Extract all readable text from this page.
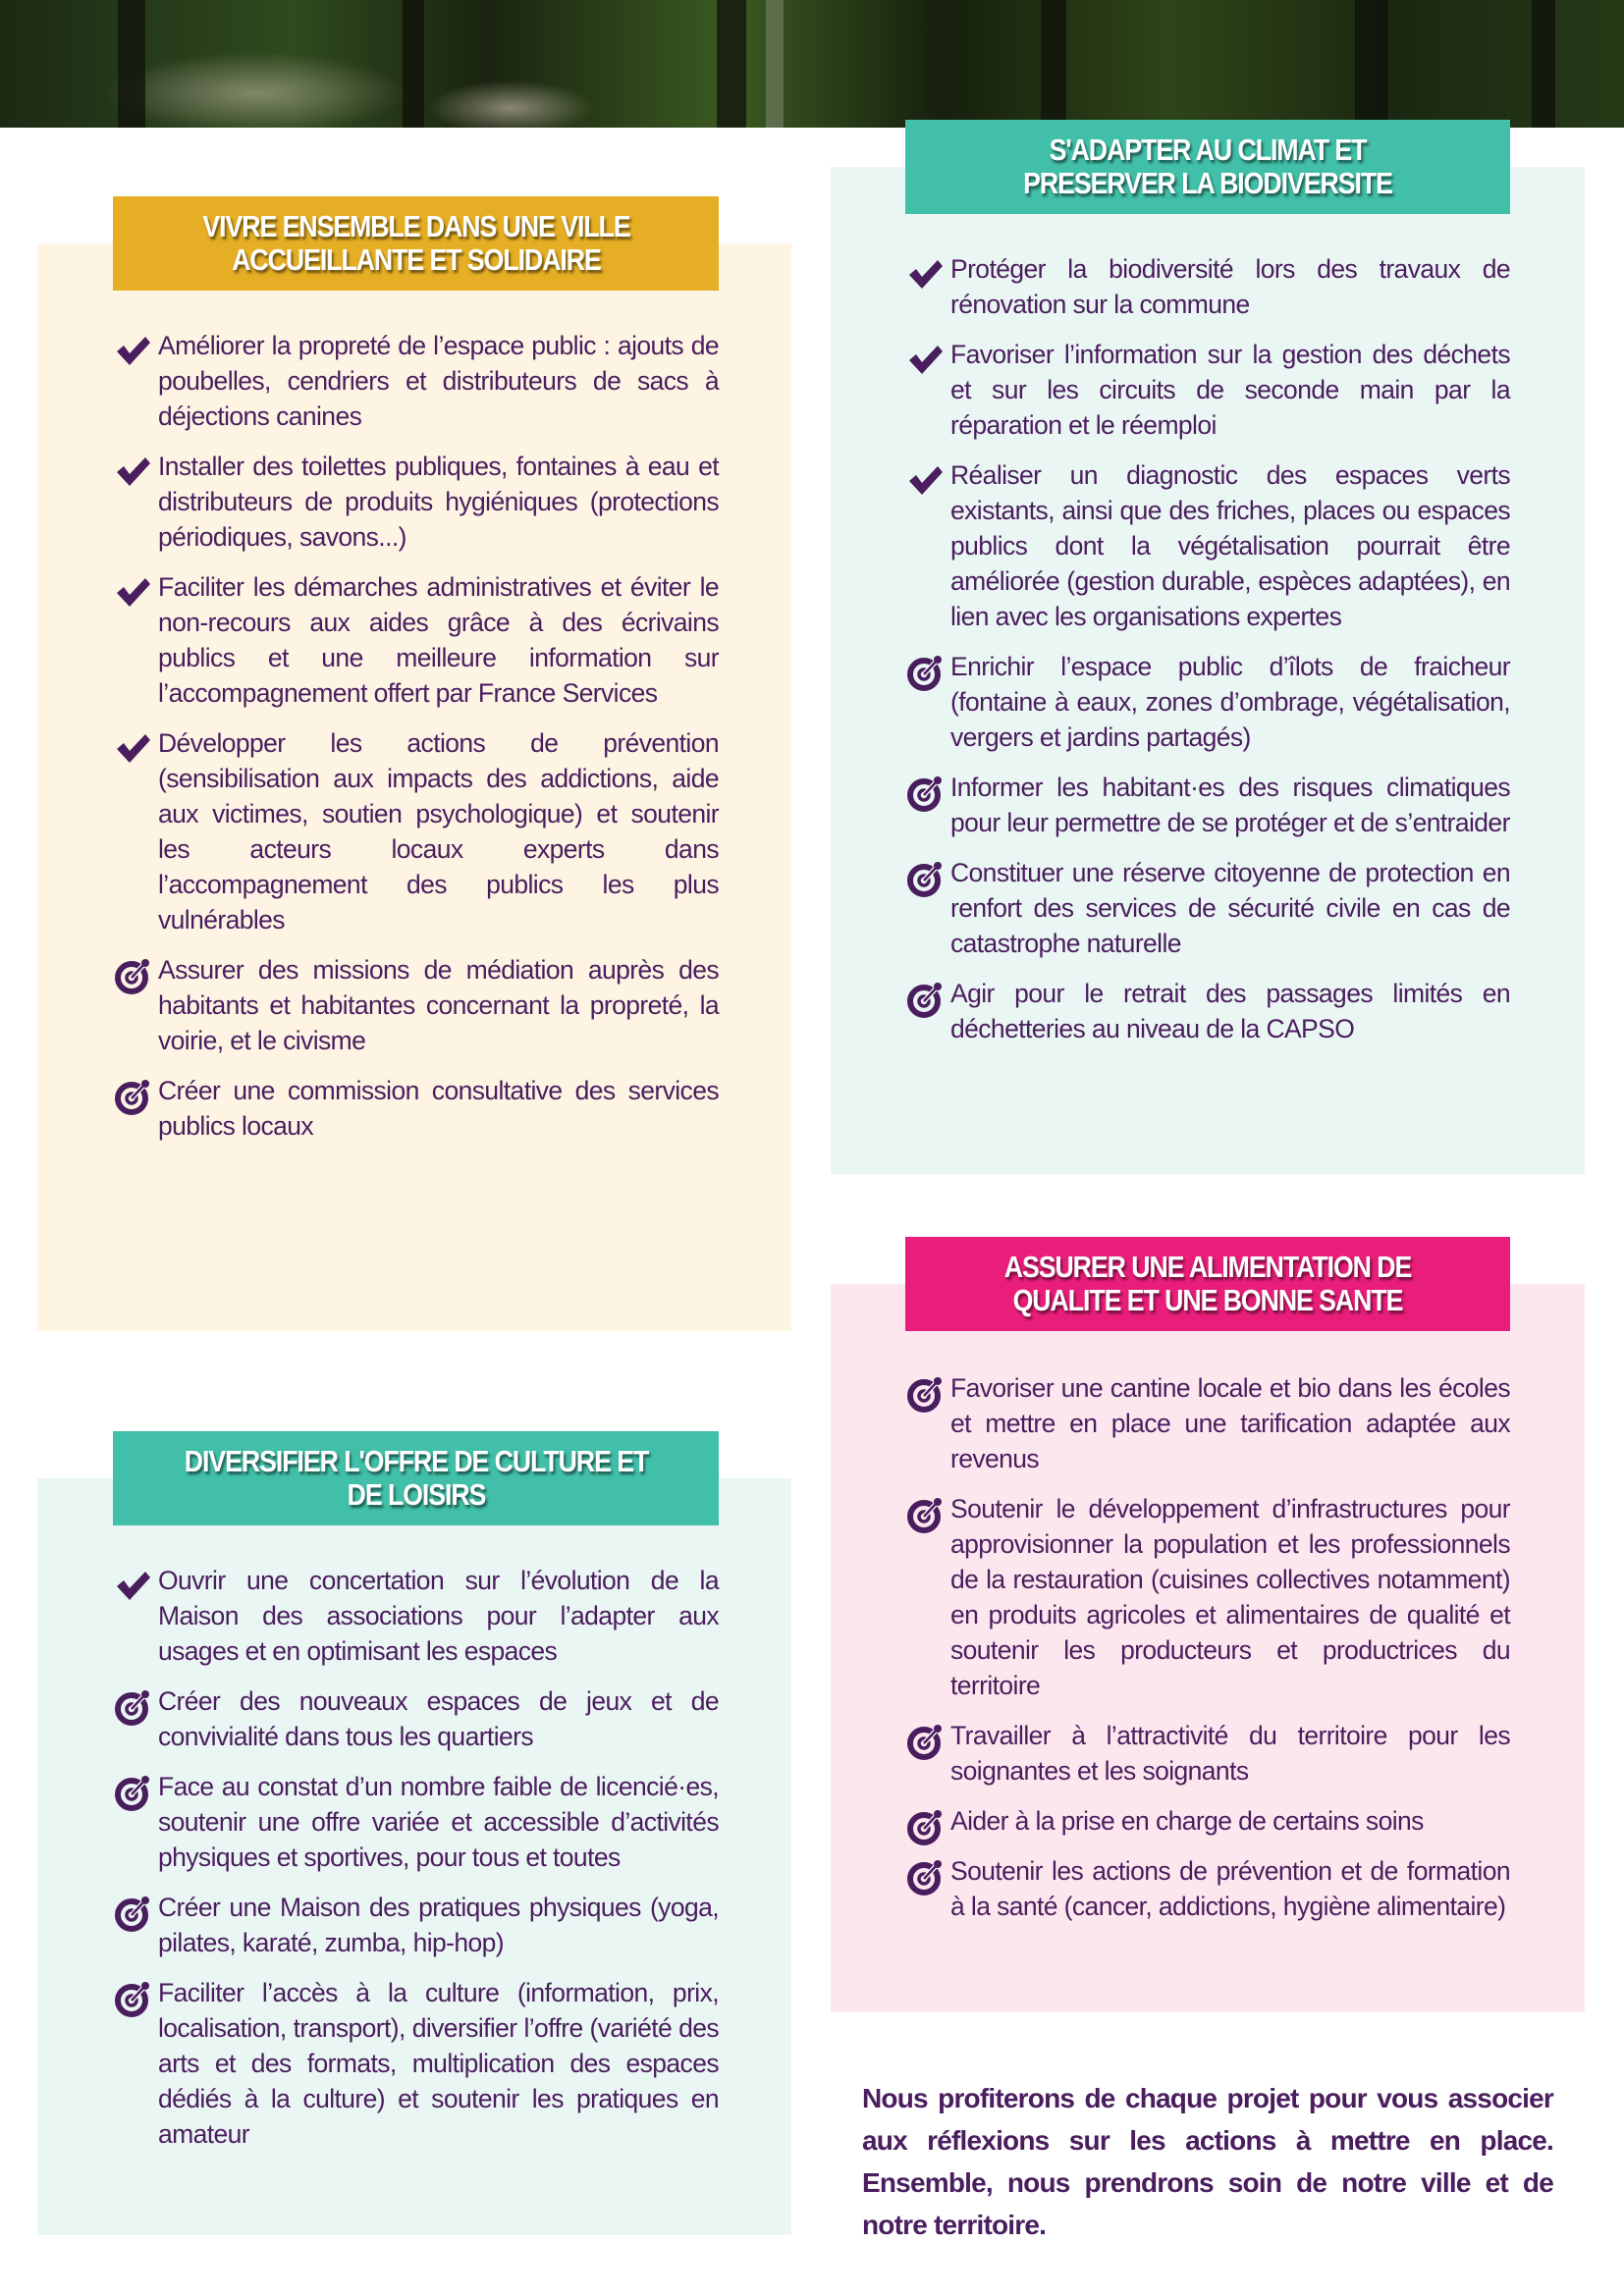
VIVRE ENSEMBLE DANS UNE VILLE ACCUEILLANTE ET SOLIDAIRE
Améliorer la propreté de l’espace public : ajouts de poubelles, cendriers et distributeurs de sacs à déjections canines
Installer des toilettes publiques, fontaines à eau et distributeurs de produits hygiéniques (protections périodiques, savons...)
Faciliter les démarches administratives et éviter le non-recours aux aides grâce à des écrivains publics et une meilleure information sur l’accompagnement offert par France Services
Développer les actions de prévention (sensibilisation aux impacts des addictions, aide aux victimes, soutien psychologique) et soutenir les acteurs locaux experts dans l’accompagnement des publics les plus vulnérables
Assurer des missions de médiation auprès des habitants et habitantes concernant la propreté, la voirie, et le civisme
Créer une commission consultative des services publics locaux
S'ADAPTER AU CLIMAT ET PRESERVER LA BIODIVERSITE
Protéger la biodiversité lors des travaux de rénovation sur la commune
Favoriser l’information sur la gestion des déchets et sur les circuits de seconde main par la réparation et le réemploi
Réaliser un diagnostic des espaces verts existants, ainsi que des friches, places ou espaces publics dont la végétalisation pourrait être améliorée (gestion durable, espèces adaptées), en lien avec les organisations expertes
Enrichir l’espace public d’îlots de fraicheur (fontaine à eaux, zones d’ombrage, végétalisation, vergers et jardins partagés)
Informer les habitant·es des risques climatiques pour leur permettre de se protéger et de s’entraider
Constituer une réserve citoyenne de protection en renfort des services de sécurité civile en cas de catastrophe naturelle
Agir pour le retrait des passages limités en déchetteries au niveau de la CAPSO
DIVERSIFIER L'OFFRE DE CULTURE ET DE LOISIRS
Ouvrir une concertation sur l’évolution de la Maison des associations pour l’adapter aux usages et en optimisant les espaces
Créer des nouveaux espaces de jeux et de convivialité dans tous les quartiers
Face au constat d’un nombre faible de licencié·es, soutenir une offre variée et accessible d’activités physiques et sportives, pour tous et toutes
Créer une Maison des pratiques physiques (yoga, pilates, karaté, zumba, hip-hop)
Faciliter l’accès à la culture (information, prix, localisation, transport), diversifier l’offre (variété des arts et des formats, multiplication des espaces dédiés à la culture) et soutenir les pratiques en amateur
ASSURER UNE ALIMENTATION DE QUALITE ET UNE BONNE SANTE
Favoriser une cantine locale et bio dans les écoles et mettre en place une tarification adaptée aux revenus
Soutenir le développement d’infrastructures pour approvisionner la population et les professionnels de la restauration (cuisines collectives notamment) en produits agricoles et alimentaires de qualité et soutenir les producteurs et productrices du territoire
Travailler à l’attractivité du territoire pour les soignantes et les soignants
Aider à la prise en charge de certains soins
Soutenir les actions de prévention et de formation à la santé (cancer, addictions, hygiène alimentaire)

Nous profiterons de chaque projet pour vous associer aux réflexions sur les actions à mettre en place. Ensemble, nous prendrons soin de notre ville et de notre territoire.
